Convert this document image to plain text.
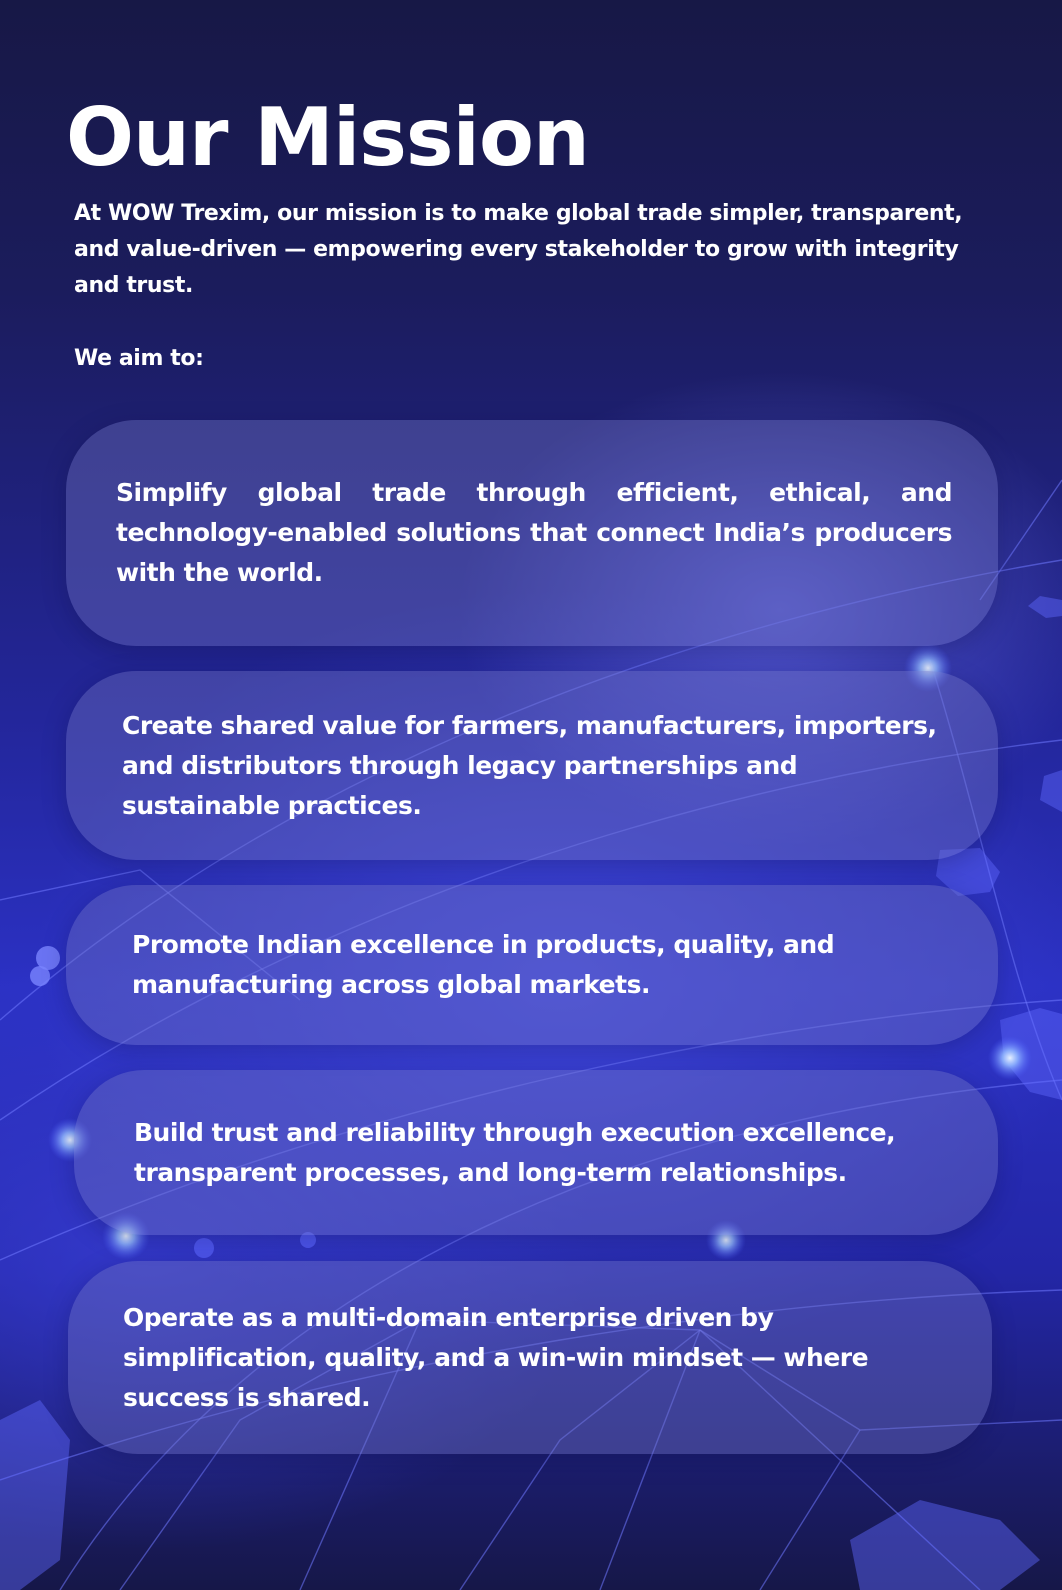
Our Mission

At WOW Trexim, our mission is to make global trade simpler, transparent, and value-driven — empowering every stakeholder to grow with integrity and trust.

We aim to:

Simplify global trade through efficient, ethical, and technology-enabled solutions that connect India’s producers with the world.

Create shared value for farmers, manufacturers, importers, and distributors through legacy partnerships and sustainable practices.

Promote Indian excellence in products, quality, and manufacturing across global markets.

Build trust and reliability through execution excellence, transparent processes, and long-term relationships.

Operate as a multi-domain enterprise driven by simplification, quality, and a win-win mindset — where success is shared.
